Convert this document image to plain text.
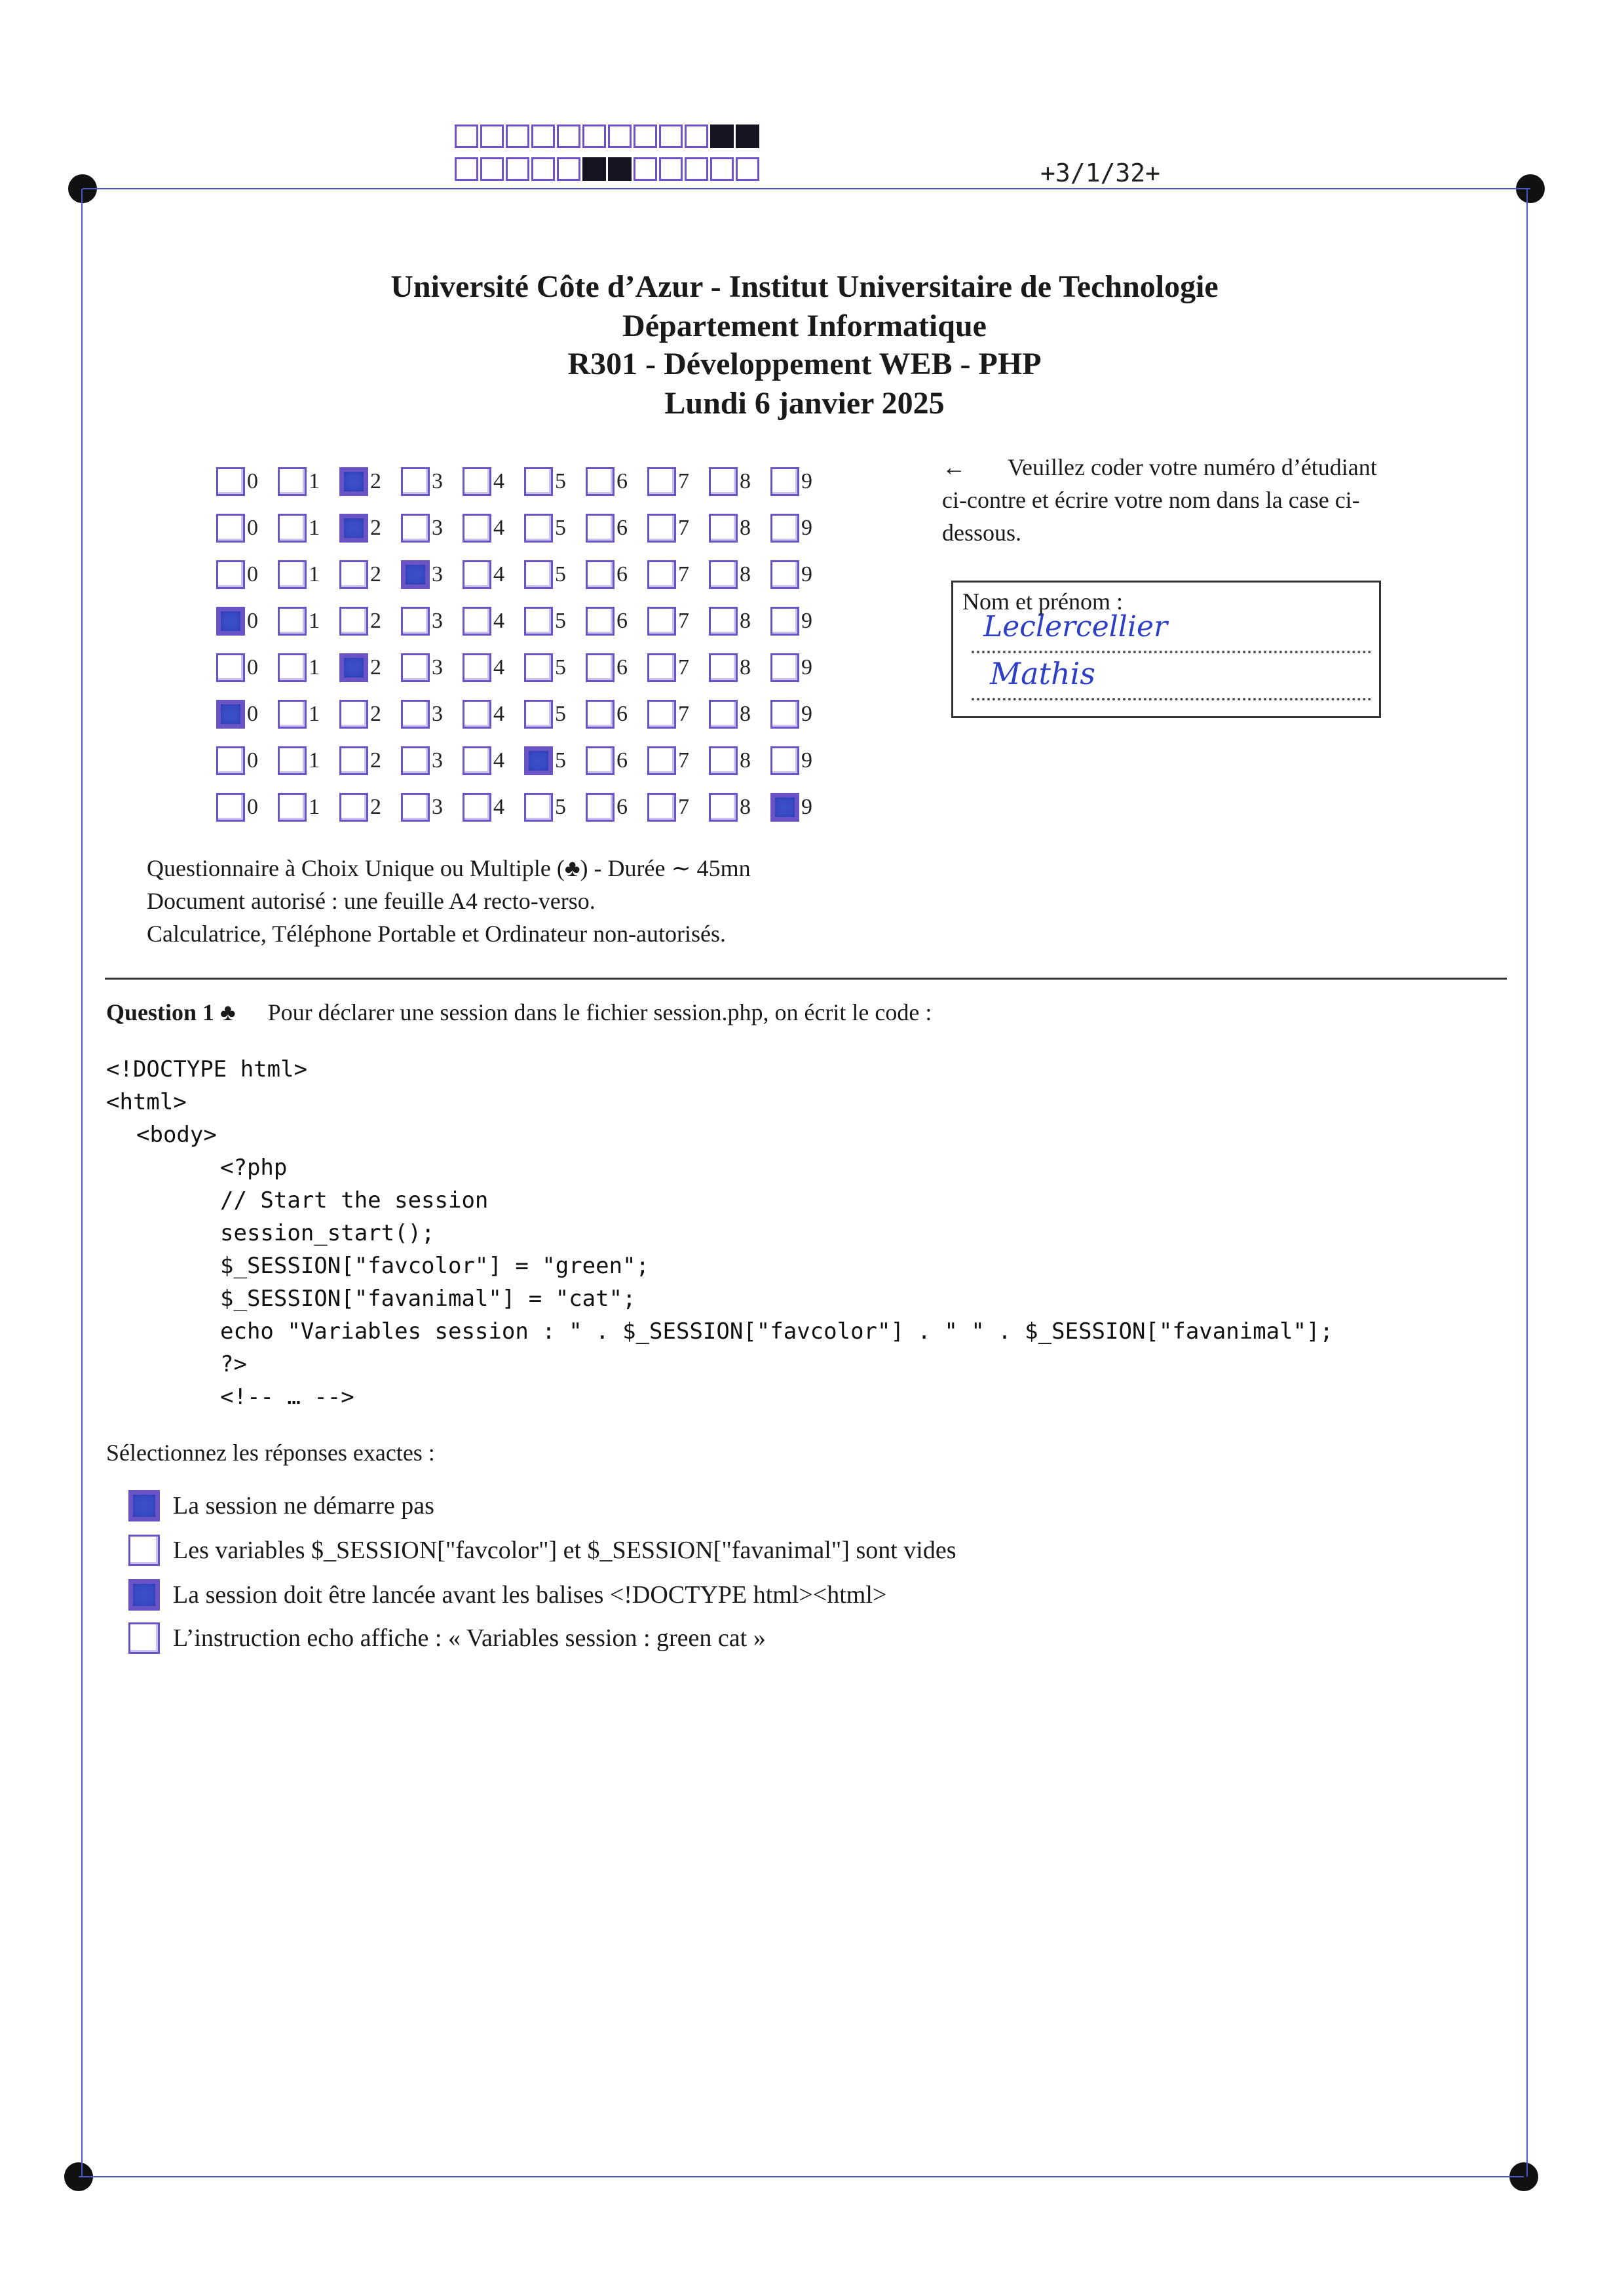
+3/1/32+
Université Côte d’Azur - Institut Universitaire de Technologie
Département Informatique
R301 - Développement WEB - PHP
Lundi 6 janvier 2025
0 1 2 3 4 5 6 7 8 9
0 1 2 3 4 5 6 7 8 9
0 1 2 3 4 5 6 7 8 9
0 1 2 3 4 5 6 7 8 9
0 1 2 3 4 5 6 7 8 9
0 1 2 3 4 5 6 7 8 9
0 1 2 3 4 5 6 7 8 9
0 1 2 3 4 5 6 7 8 9
← Veuillez coder votre numéro d’étudiant ci-contre et écrire votre nom dans la case ci-dessous.
Nom et prénom :
Leclercellier
Mathis
Questionnaire à Choix Unique ou Multiple (♣) - Durée ∼ 45mn
Document autorisé : une feuille A4 recto-verso.
Calculatrice, Téléphone Portable et Ordinateur non-autorisés.
Question 1 ♣ Pour déclarer une session dans le fichier session.php, on écrit le code :
<!DOCTYPE html>
<html>
<body>
<?php
// Start the session
session_start();
$_SESSION["favcolor"] = "green";
$_SESSION["favanimal"] = "cat";
echo "Variables session : " . $_SESSION["favcolor"] . " " . $_SESSION["favanimal"];
?>
<!-- … -->
Sélectionnez les réponses exactes :
La session ne démarre pas
Les variables $_SESSION["favcolor"] et $_SESSION["favanimal"] sont vides
La session doit être lancée avant les balises <!DOCTYPE html><html>
L’instruction echo affiche : « Variables session : green cat »
